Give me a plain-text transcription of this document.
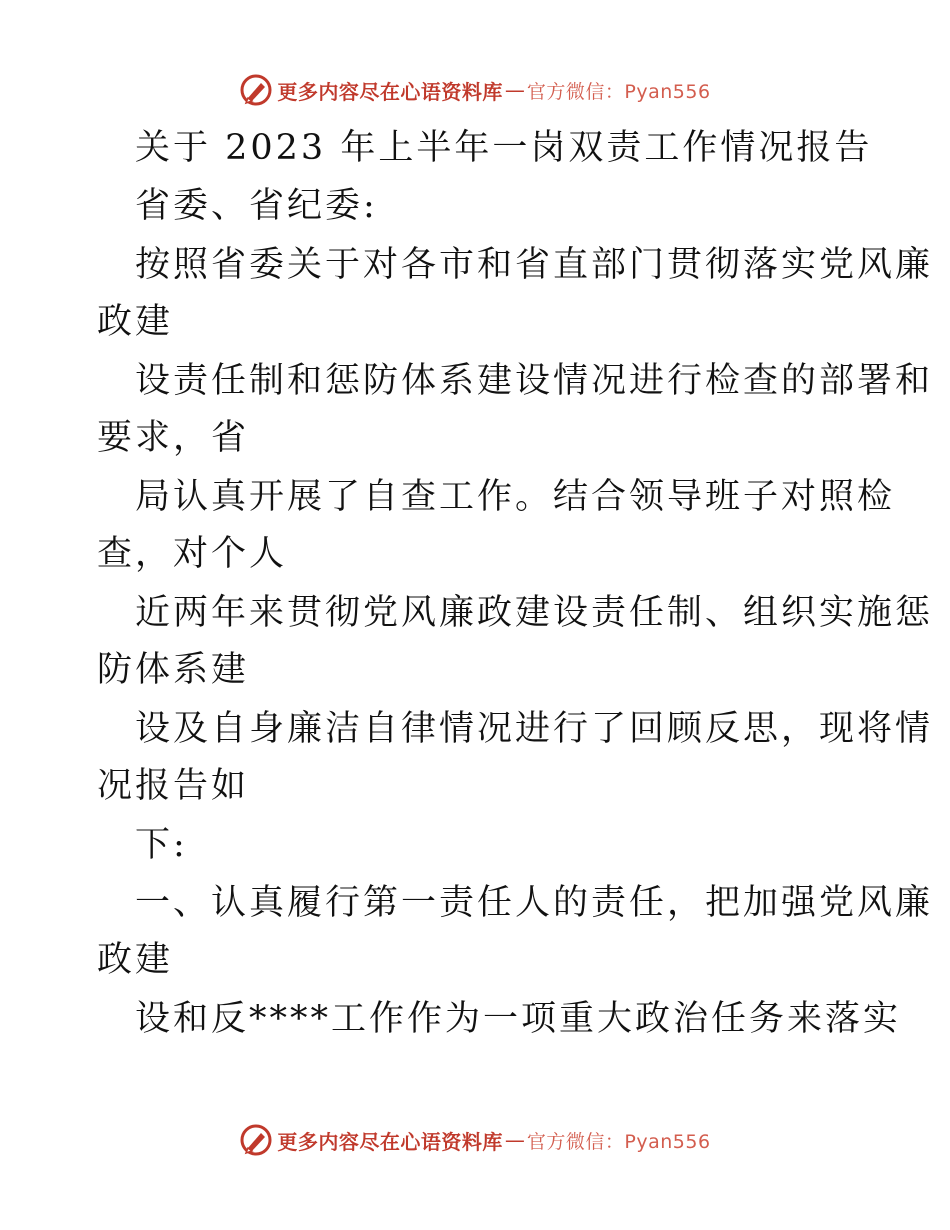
更多内容尽在心语资料库 — 官方微信：Pyan556
关于 2023 年上半年一岗双责工作情况报告
省委、省纪委:
按照省委关于对各市和省直部门贯彻落实党风廉
政建
设责任制和惩防体系建设情况进行检查的部署和
要求，省
局认真开展了自查工作。结合领导班子对照检
查，对个人
近两年来贯彻党风廉政建设责任制、组织实施惩
防体系建
设及自身廉洁自律情况进行了回顾反思，现将情
况报告如
下:
一、认真履行第一责任人的责任，把加强党风廉
政建
设和反****工作作为一项重大政治任务来落实
更多内容尽在心语资料库 — 官方微信：Pyan556
